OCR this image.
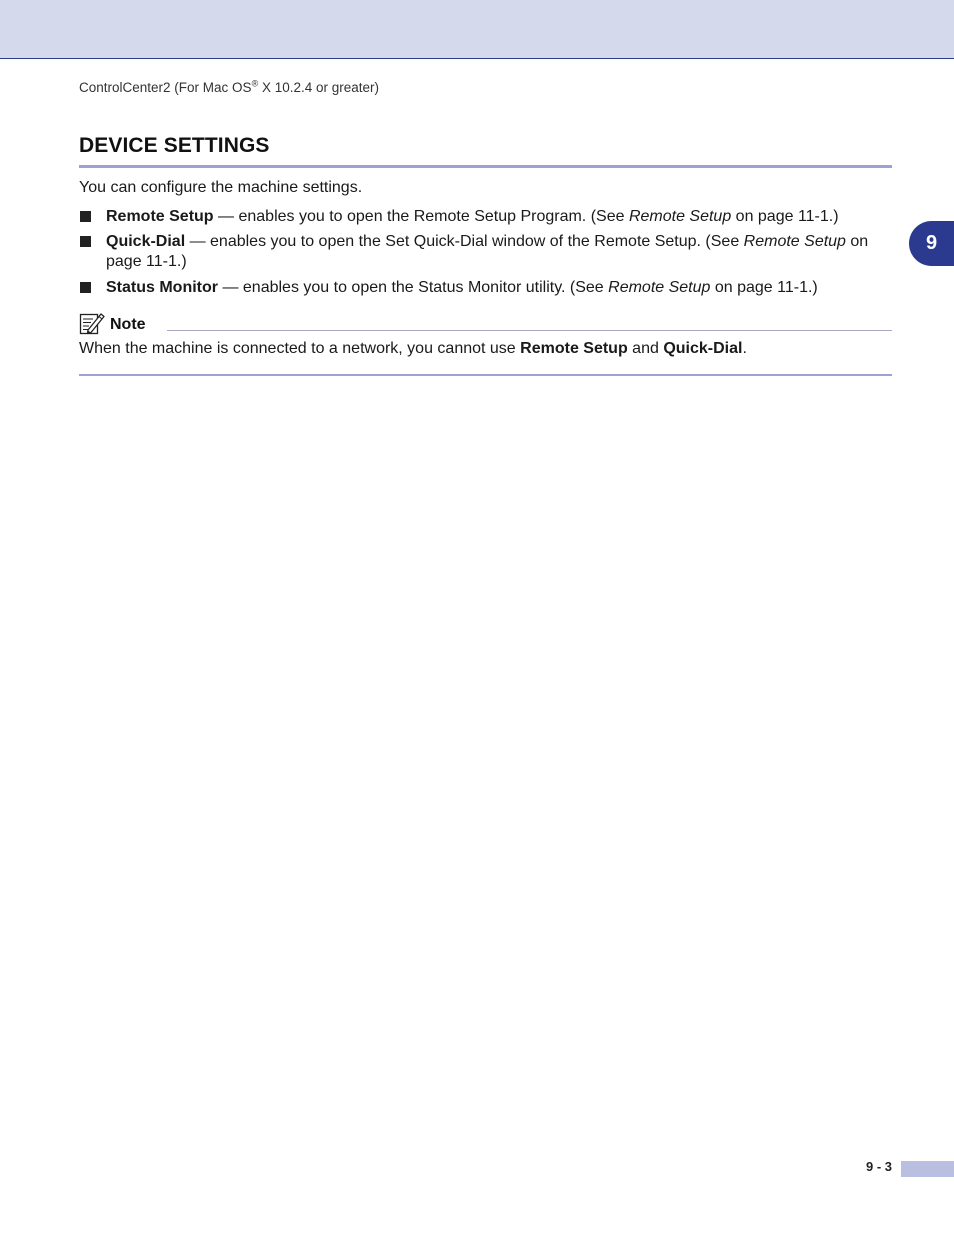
ControlCenter2 (For Mac OS® X 10.2.4 or greater)
9
DEVICE SETTINGS
You can configure the machine settings.
Remote Setup — enables you to open the Remote Setup Program. (See Remote Setup on page 11-1.)
Quick-Dial — enables you to open the Set Quick-Dial window of the Remote Setup. (See Remote Setup on page 11-1.)
Status Monitor — enables you to open the Status Monitor utility. (See Remote Setup on page 11-1.)
Note
When the machine is connected to a network, you cannot use Remote Setup and Quick-Dial.
9 - 3
